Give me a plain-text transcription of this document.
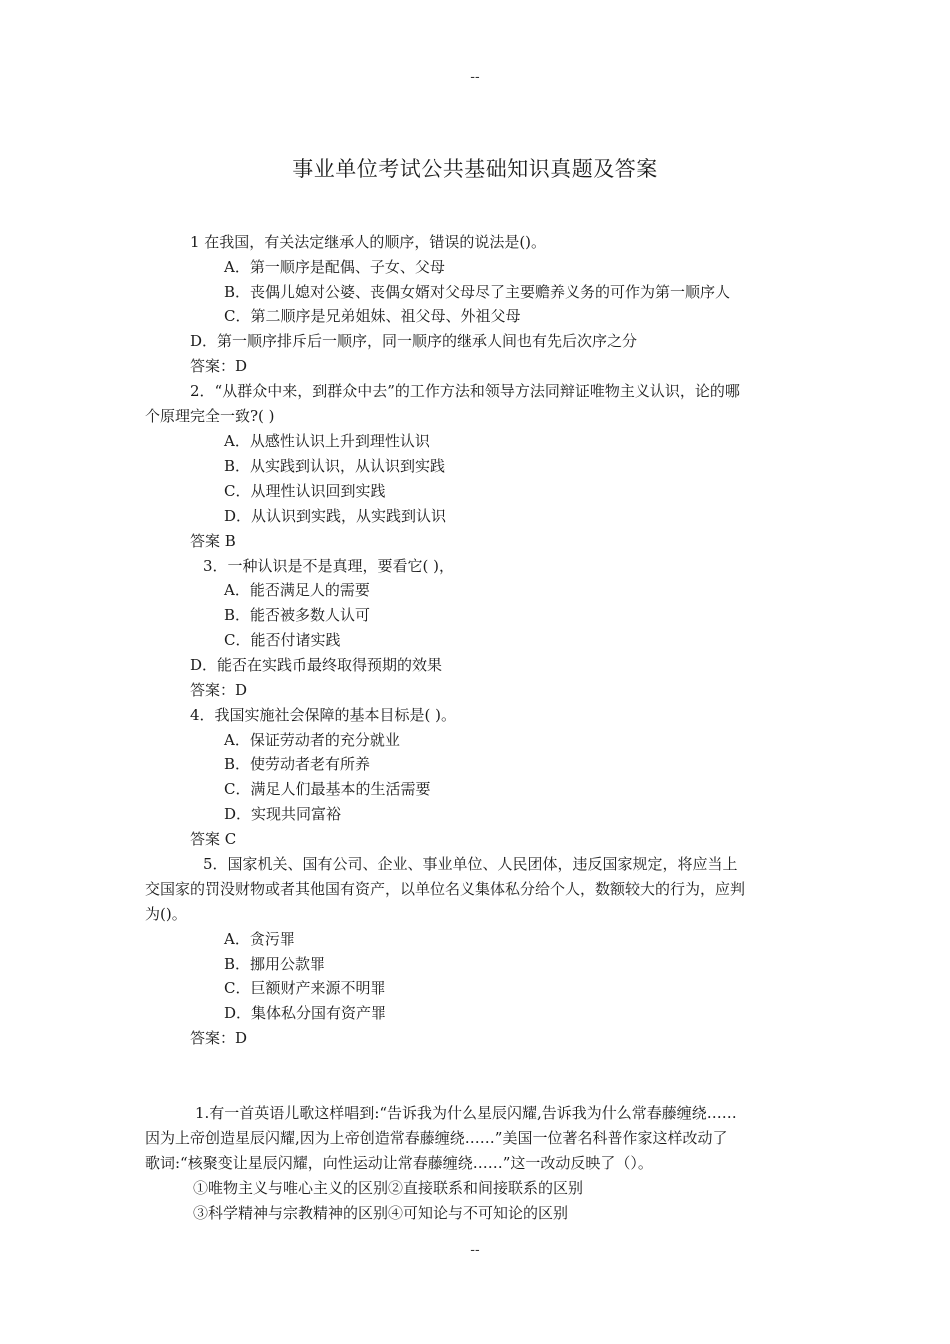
--
事业单位考试公共基础知识真题及答案
1 在我国，有关法定继承人的顺序，错误的说法是()。
A．第一顺序是配偶、子女、父母
B．丧偶儿媳对公婆、丧偶女婿对父母尽了主要赡养义务的可作为第一顺序人
C．第二顺序是兄弟姐妹、祖父母、外祖父母
D．第一顺序排斥后一顺序，同一顺序的继承人间也有先后次序之分
答案：D
2．“从群众中来，到群众中去”的工作方法和领导方法同辩证唯物主义认识，论的哪
个原理完全一致?( )
A．从感性认识上升到理性认识
B．从实践到认识，从认识到实践
C．从理性认识回到实践
D．从认识到实践，从实践到认识
答案 B
3．一种认识是不是真理，要看它( )，
A．能否满足人的需要
B．能否被多数人认可
C．能否付诸实践
D．能否在实践币最终取得预期的效果
答案：D
4．我国实施社会保障的基本目标是( )。
A．保证劳动者的充分就业
B．使劳动者老有所养
C．满足人们最基本的生活需要
D．实现共同富裕
答案 C
5．国家机关、国有公司、企业、事业单位、人民团体，违反国家规定，将应当上
交国家的罚没财物或者其他国有资产，以单位名义集体私分给个人，数额较大的行为，应判
为()。
A．贪污罪
B．挪用公款罪
C．巨额财产来源不明罪
D．集体私分国有资产罪
答案：D
1.有一首英语儿歌这样唱到:“告诉我为什么星辰闪耀,告诉我为什么常春藤缠绕……
因为上帝创造星辰闪耀,因为上帝创造常春藤缠绕……”美国一位著名科普作家这样改动了
歌词:“核聚变让星辰闪耀，向性运动让常春藤缠绕……”这一改动反映了（）。
①唯物主义与唯心主义的区别②直接联系和间接联系的区别
③科学精神与宗教精神的区别④可知论与不可知论的区别
--
